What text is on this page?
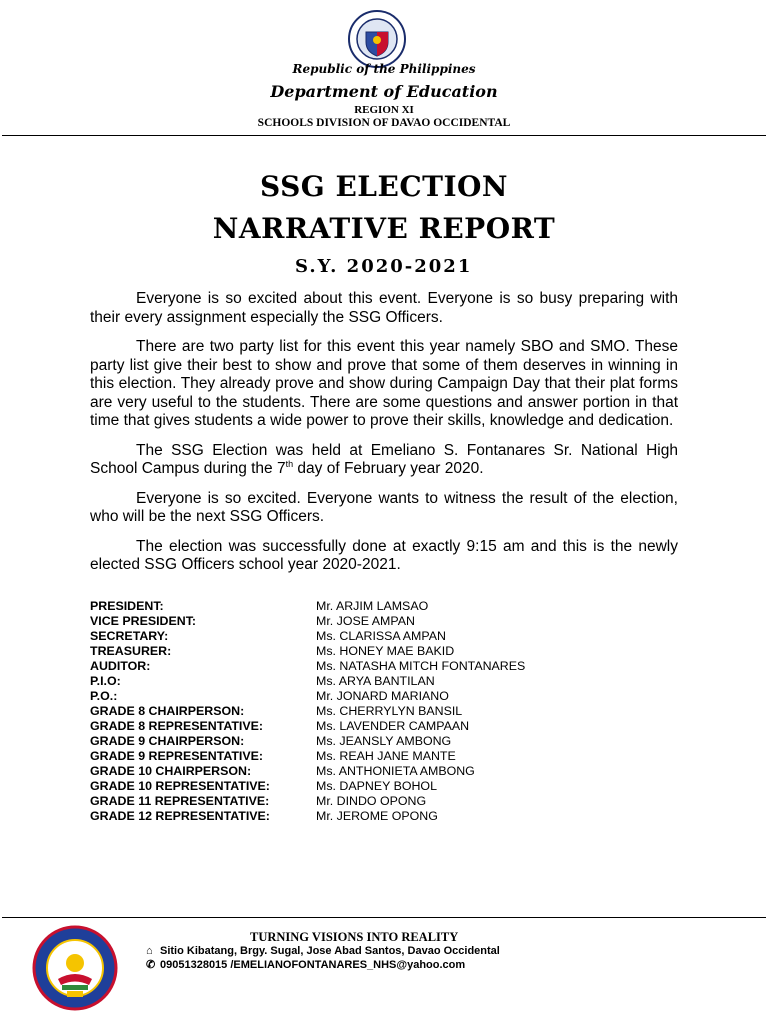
Republic of the Philippines
Department of Education
REGION XI
SCHOOLS DIVISION OF DAVAO OCCIDENTAL
SSG ELECTION
NARRATIVE REPORT
S.Y. 2020-2021

Everyone is so excited about this event. Everyone is so busy preparing with their every assignment especially the SSG Officers.

There are two party list for this event this year namely SBO and SMO. These party list give their best to show and prove that some of them deserves in winning in this election. They already prove and show during Campaign Day that their plat forms are very useful to the students. There are some questions and answer portion in that time that gives students a wide power to prove their skills, knowledge and dedication.

The SSG Election was held at Emeliano S. Fontanares Sr. National High School Campus during the 7th day of February year 2020.

Everyone is so excited. Everyone wants to witness the result of the election, who will be the next SSG Officers.

The election was successfully done at exactly 9:15 am and this is the newly elected SSG Officers school year 2020-2021.

PRESIDENT:	Mr. ARJIM LAMSAO
VICE PRESIDENT:	Mr. JOSE AMPAN
SECRETARY:	Ms. CLARISSA AMPAN
TREASURER:	Ms. HONEY MAE BAKID
AUDITOR:	Ms. NATASHA MITCH FONTANARES
P.I.O:	Ms. ARYA BANTILAN
P.O.:	Mr. JONARD MARIANO
GRADE 8 CHAIRPERSON:	Ms. CHERRYLYN BANSIL
GRADE 8 REPRESENTATIVE:	Ms. LAVENDER CAMPAAN
GRADE 9 CHAIRPERSON:	Ms. JEANSLY AMBONG
GRADE 9 REPRESENTATIVE:	Ms. REAH JANE MANTE
GRADE 10 CHAIRPERSON:	Ms. ANTHONIETA AMBONG
GRADE 10 REPRESENTATIVE:	Ms. DAPNEY BOHOL
GRADE 11 REPRESENTATIVE:	Mr. DINDO OPONG
GRADE 12 REPRESENTATIVE:	Mr. JEROME OPONG
TURNING VISIONS INTO REALITY
⌂ Sitio Kibatang, Brgy. Sugal, Jose Abad Santos, Davao Occidental
✆ 09051328015 /EMELIANOFONTANARES_NHS@yahoo.com
